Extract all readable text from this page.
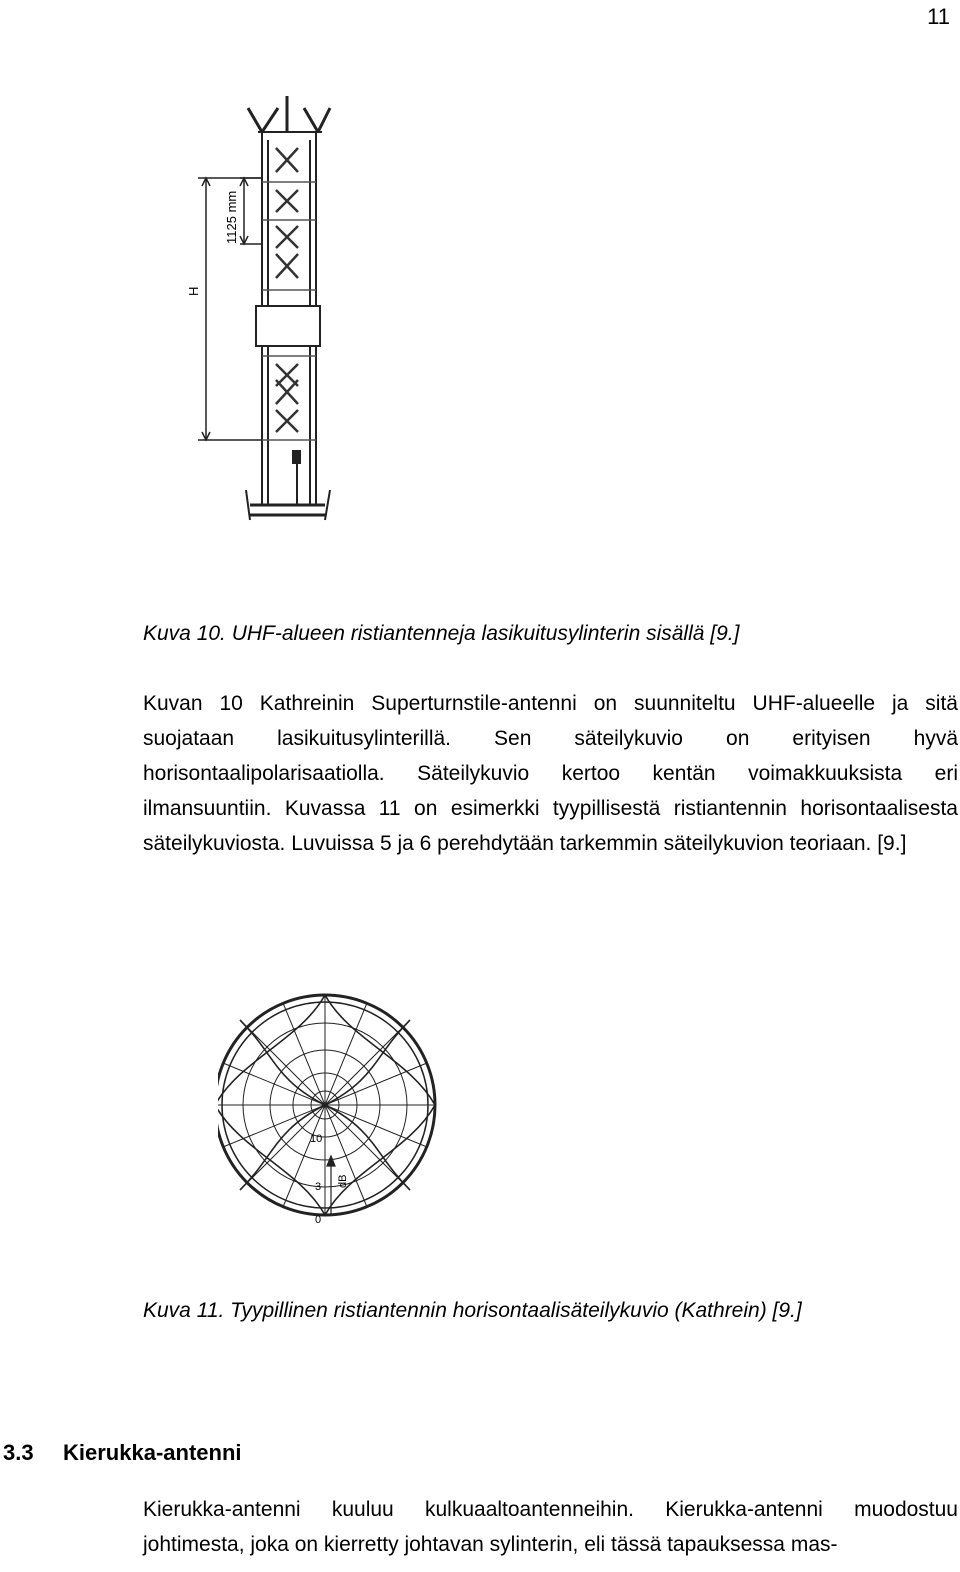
11
1125 mm
H
Kuva 10. UHF-alueen ristiantenneja lasikuitusylinterin sisällä [9.]
Kuvan 10 Kathreinin Superturnstile-antenni on suunniteltu UHF-alueelle ja sitä suojataan lasikuitusylinterillä. Sen säteilykuvio on erityisen hyvä horisontaalipolarisaatiolla. Säteilykuvio kertoo kentän voimakkuuksista eri ilmansuuntiin. Kuvassa 11 on esimerkki tyypillisestä ristiantennin horisontaalisesta säteilykuviosta. Luvuissa 5 ja 6 perehdytään tarkemmin säteilykuvion teoriaan. [9.]
10
3
0
dB
Kuva 11. Tyypillinen ristiantennin horisontaalisäteilykuvio (Kathrein) [9.]
3.3 Kierukka-antenni
Kierukka-antenni kuuluu kulkuaaltoantenneihin. Kierukka-antenni muodostuu johtimesta, joka on kierretty johtavan sylinterin, eli tässä tapauksessa mas-
